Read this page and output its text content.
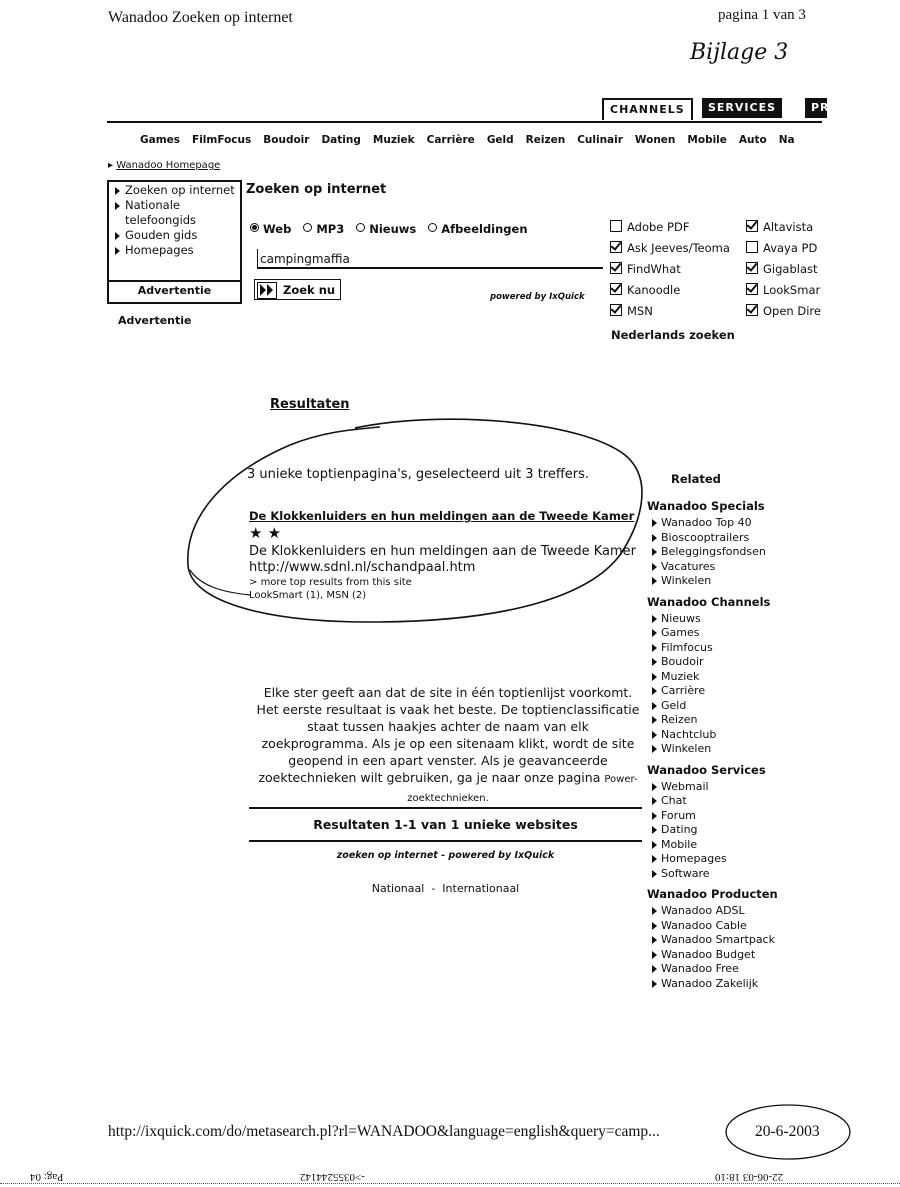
Wanadoo Zoeken op internet	pagina 1 van 3
Bijlage 3
CHANNELS	SERVICES	PR
Games FilmFocus Boudoir Dating Muziek Carrière Geld Reizen Culinair Wonen Mobile Auto Na
▸ Wanadoo Homepage
Zoeken op internet
Nationale telefoongids
Gouden gids
Homepages
Advertentie
Advertentie
Zoeken op internet
Web MP3 Nieuws Afbeeldingen
campingmaffia
Zoek nu	powered by IxQuick
Adobe PDF	Altavista
Ask Jeeves/Teoma	Avaya PD
FindWhat	Gigablast
Kanoodle	LookSmar
MSN	Open Dire
Nederlands zoeken
Resultaten
3 unieke toptienpagina's, geselecteerd uit 3 treffers.
De Klokkenluiders en hun meldingen aan de Tweede Kamer ★ ★
De Klokkenluiders en hun meldingen aan de Tweede Kamer
http://www.sdnl.nl/schandpaal.htm
> more top results from this site
LookSmart (1), MSN (2)
Elke ster geeft aan dat de site in één toptienlijst voorkomt. Het eerste resultaat is vaak het beste. De toptienclassificatie staat tussen haakjes achter de naam van elk zoekprogramma. Als je op een sitenaam klikt, wordt de site geopend in een apart venster. Als je geavanceerde zoektechnieken wilt gebruiken, ga je naar onze pagina Power-zoektechnieken.
Resultaten 1-1 van 1 unieke websites
zoeken op internet - powered by IxQuick
Nationaal - Internationaal
Related
Wanadoo Specials
Wanadoo Top 40
Bioscooptrailers
Beleggingsfondsen
Vacatures
Winkelen
Wanadoo Channels
Nieuws
Games
Filmfocus
Boudoir
Muziek
Carrière
Geld
Reizen
Nachtclub
Winkelen
Wanadoo Services
Webmail
Chat
Forum
Dating
Mobile
Homepages
Software
Wanadoo Producten
Wanadoo ADSL
Wanadoo Cable
Wanadoo Smartpack
Wanadoo Budget
Wanadoo Free
Wanadoo Zakelijk
http://ixquick.com/do/metasearch.pl?rl=WANADOO&language=english&query=camp...	20-6-2003
Pag: 04	->0355244142	22-06-03 18:10
